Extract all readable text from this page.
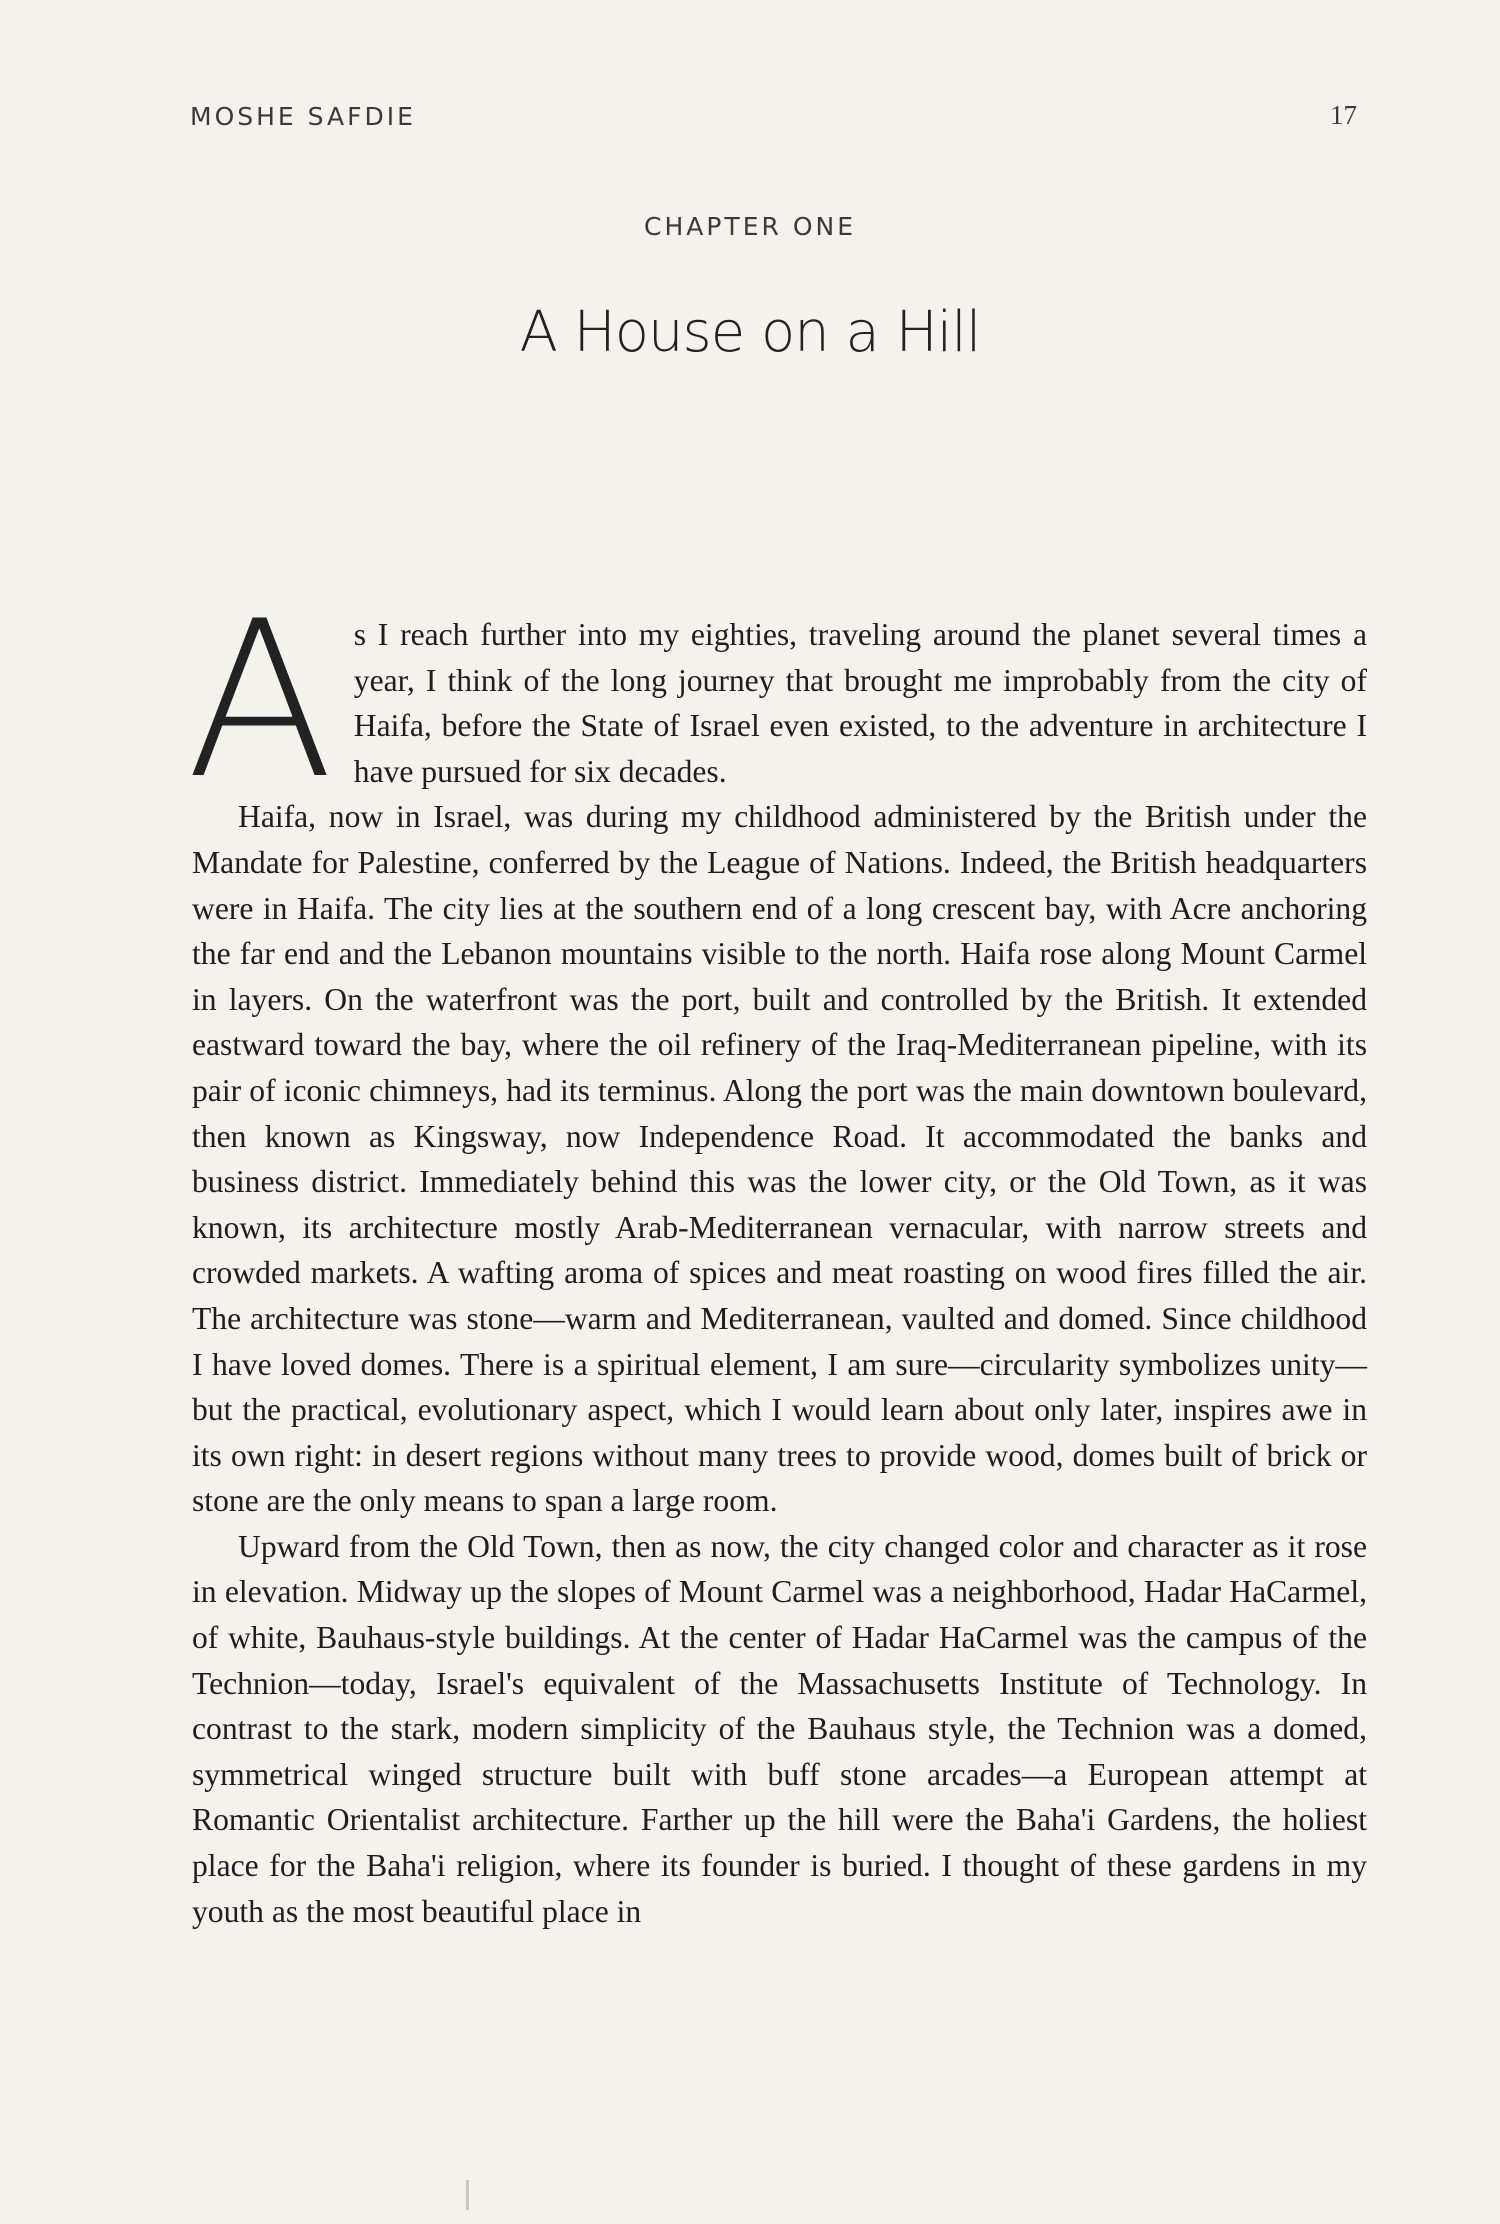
MOSHE SAFDIE	17
CHAPTER ONE
A House on a Hill

As I reach further into my eighties, traveling around the planet several times a year, I think of the long journey that brought me improbably from the city of Haifa, before the State of Israel even existed, to the adventure in architecture I have pursued for six decades.

Haifa, now in Israel, was during my childhood administered by the British under the Mandate for Palestine, conferred by the League of Nations. Indeed, the British headquarters were in Haifa. The city lies at the southern end of a long crescent bay, with Acre anchoring the far end and the Lebanon mountains visible to the north. Haifa rose along Mount Carmel in layers. On the waterfront was the port, built and controlled by the British. It extended eastward toward the bay, where the oil refinery of the Iraq-Mediterranean pipeline, with its pair of iconic chimneys, had its terminus. Along the port was the main downtown boulevard, then known as Kingsway, now Independence Road. It accommodated the banks and business district. Immediately behind this was the lower city, or the Old Town, as it was known, its architecture mostly Arab-Mediterranean vernacular, with narrow streets and crowded markets. A wafting aroma of spices and meat roasting on wood fires filled the air. The architecture was stone—warm and Mediterranean, vaulted and domed. Since childhood I have loved domes. There is a spiritual element, I am sure—circularity symbolizes unity—but the practical, evolutionary aspect, which I would learn about only later, inspires awe in its own right: in desert regions without many trees to provide wood, domes built of brick or stone are the only means to span a large room.

Upward from the Old Town, then as now, the city changed color and character as it rose in elevation. Midway up the slopes of Mount Carmel was a neighborhood, Hadar HaCarmel, of white, Bauhaus-style buildings. At the center of Hadar HaCarmel was the campus of the Technion—today, Israel's equivalent of the Massachusetts Institute of Technology. In contrast to the stark, modern simplicity of the Bauhaus style, the Technion was a domed, symmetrical winged structure built with buff stone arcades—a European attempt at Romantic Orientalist architecture. Farther up the hill were the Baha'i Gardens, the holiest place for the Baha'i religion, where its founder is buried. I thought of these gardens in my youth as the most beautiful place in
